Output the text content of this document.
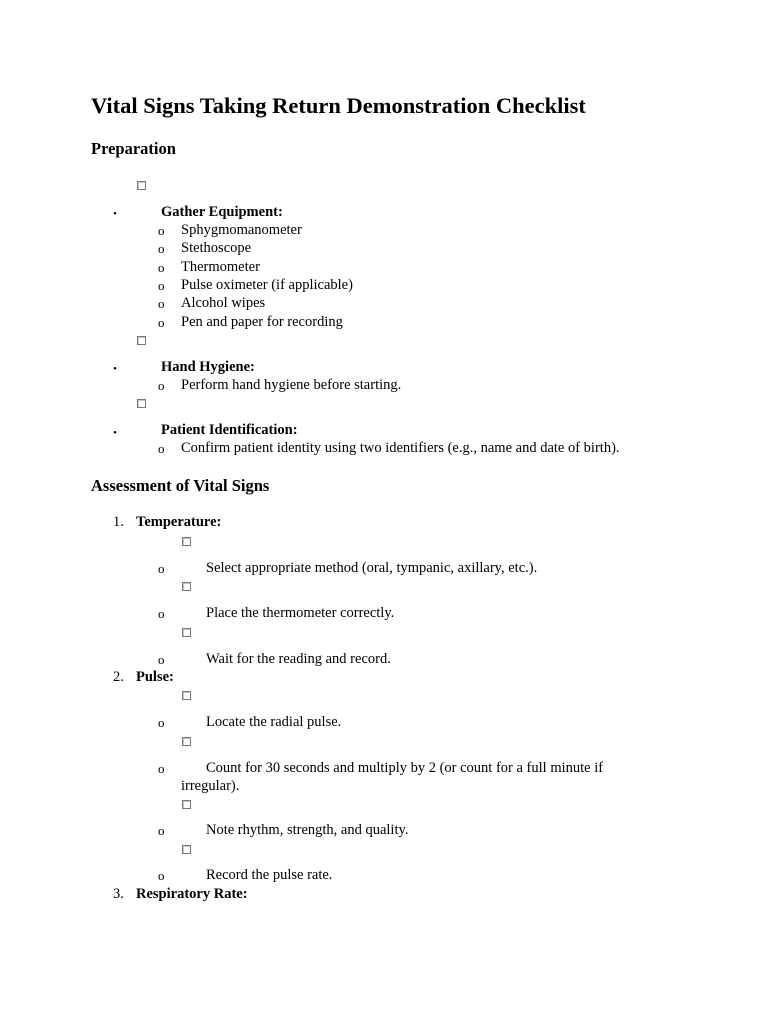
Vital Signs Taking Return Demonstration Checklist
Preparation
•	Gather Equipment:
o Sphygmomanometer
o Stethoscope
o Thermometer
o Pulse oximeter (if applicable)
o Alcohol wipes
o Pen and paper for recording
•	Hand Hygiene:
o Perform hand hygiene before starting.
•	Patient Identification:
o Confirm patient identity using two identifiers (e.g., name and date of birth).
Assessment of Vital Signs
1. Temperature:
o	Select appropriate method (oral, tympanic, axillary, etc.).
o	Place the thermometer correctly.
o	Wait for the reading and record.
2. Pulse:
o	Locate the radial pulse.
o	Count for 30 seconds and multiply by 2 (or count for a full minute if
irregular).
o	Note rhythm, strength, and quality.
o	Record the pulse rate.
3. Respiratory Rate:
